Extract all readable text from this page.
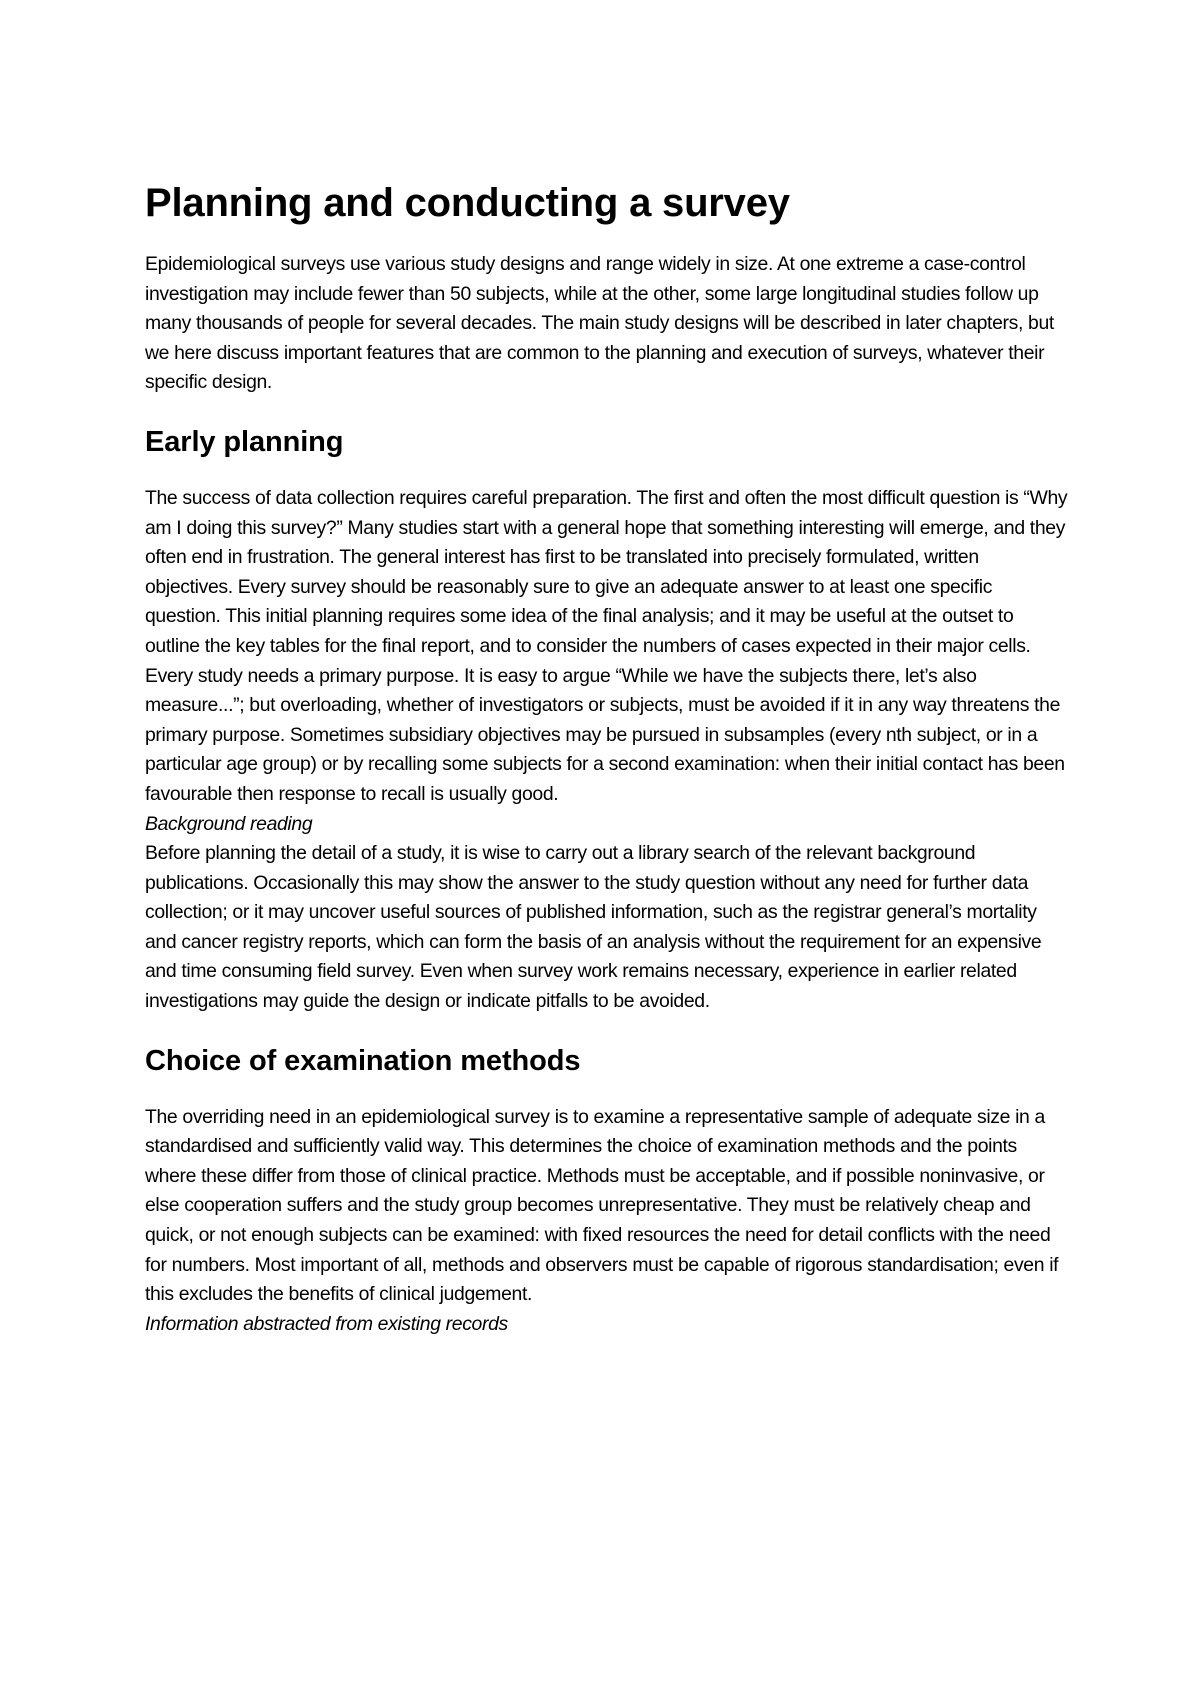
Planning and conducting a survey

Epidemiological surveys use various study designs and range widely in size. At one extreme a case-control investigation may include fewer than 50 subjects, while at the other, some large longitudinal studies follow up many thousands of people for several decades. The main study designs will be described in later chapters, but we here discuss important features that are common to the planning and execution of surveys, whatever their specific design.

Early planning

The success of data collection requires careful preparation. The first and often the most difficult question is “Why am I doing this survey?” Many studies start with a general hope that something interesting will emerge, and they often end in frustration. The general interest has first to be translated into precisely formulated, written objectives. Every survey should be reasonably sure to give an adequate answer to at least one specific question. This initial planning requires some idea of the final analysis; and it may be useful at the outset to outline the key tables for the final report, and to consider the numbers of cases expected in their major cells.

Every study needs a primary purpose. It is easy to argue “While we have the subjects there, let’s also measure...”; but overloading, whether of investigators or subjects, must be avoided if it in any way threatens the primary purpose. Sometimes subsidiary objectives may be pursued in subsamples (every nth subject, or in a particular age group) or by recalling some subjects for a second examination: when their initial contact has been favourable then response to recall is usually good.

Background reading

Before planning the detail of a study, it is wise to carry out a library search of the relevant background publications. Occasionally this may show the answer to the study question without any need for further data collection; or it may uncover useful sources of published information, such as the registrar general’s mortality and cancer registry reports, which can form the basis of an analysis without the requirement for an expensive and time consuming field survey. Even when survey work remains necessary, experience in earlier related investigations may guide the design or indicate pitfalls to be avoided.

Choice of examination methods

The overriding need in an epidemiological survey is to examine a representative sample of adequate size in a standardised and sufficiently valid way. This determines the choice of examination methods and the points where these differ from those of clinical practice. Methods must be acceptable, and if possible noninvasive, or else cooperation suffers and the study group becomes unrepresentative. They must be relatively cheap and quick, or not enough subjects can be examined: with fixed resources the need for detail conflicts with the need for numbers. Most important of all, methods and observers must be capable of rigorous standardisation; even if this excludes the benefits of clinical judgement.

Information abstracted from existing records
